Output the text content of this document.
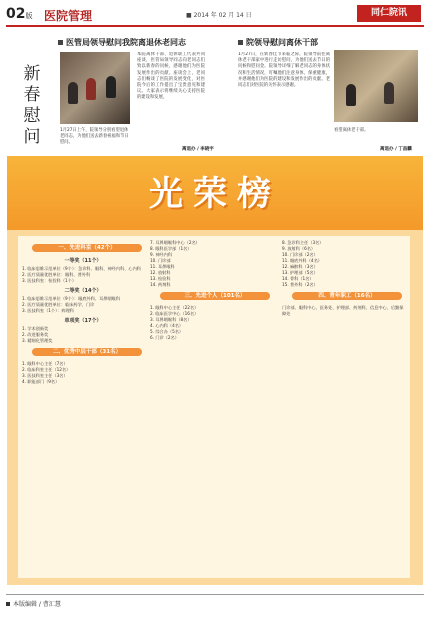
02版 医院管理	■ 2014 年 02 月 14 日	同仁院讯
医管局领导慰问我院离退休老同志
新春慰问	1月27日上午，院领导分别看望退休老同志，为他们送去新春祝福和节日慰问。
本院离休干部、退休职工代表共同座谈，医管局领导同志向老同志们致以新春的问候，感谢他们为医院发展作出的贡献。座谈会上，老同志们畅谈了医院的发展变化，对医院今后的工作提出了宝贵意见和建议。大家表示将继续关心支持医院的建设和发展。
离退办 / 李晓宇
院领导慰问离休干部
1月27日，在新春佳节来临之际，院领导前往离休老干部家中进行走访慰问，为他们送去节日的问候和慰问金。院领导详细了解老同志的身体状况和生活情况，叮嘱他们注意身体，保重健康，并感谢他们为医院的建设和发展作出的贡献。老同志们对医院的关怀表示感谢。
看望离休老干部。
离退办 / 丁昌麟
光荣榜
一、先进科室（42个）
一等奖（11个）
1. 临床思维示范单位（9个）：急诊科、眼科、神经内科、心内科
2. 医疗质量优胜单位：眼科、普外科
3. 医技科室：检验科（1个）
二等奖（14个）
1. 临床思维示范单位（9个）：眼底外科、耳鼻咽喉科
2. 医疗质量优胜单位：临床药学、门诊
3. 医技科室（1个）：病理科
单项奖（17个）
1. 学术创新奖
2. 改进服务奖
3. 精细化管理奖
二、优秀中层干部（31名）
1. 眼科中心主任（7名）
2. 临床科室主任（12名）
3. 医技科室主任（3名）
4. 职能部门（9名）
7. 耳鼻咽喉科中心（2名）
8. 眼科医学部（1名）
9. 神经内科
10. 门诊部
11. 耳鼻喉科
12. 放射科
13. 检验科
14. 药剂科
三、先进个人（101名）
1. 眼科中心主任（22名）
2. 临床医学中心（16名）
3. 耳鼻咽喉科（8名）
4. 心内科（4名）
5. 综合办（5名）
6. 门诊（2名）
8. 急诊科主任（3名）
9. 放射科（6名）
10. 门诊部（2名）
11. 眼底外科（4名）
12. 麻醉科（3名）
13. 护理部（5名）
14. 骨科（1名）
15. 普外科（2名）
四、青年职工（16名）
门诊部、眼科中心、医务处、护理部、药剂科、信息中心、后勤保障处
本版编辑 / 曹汇慧
